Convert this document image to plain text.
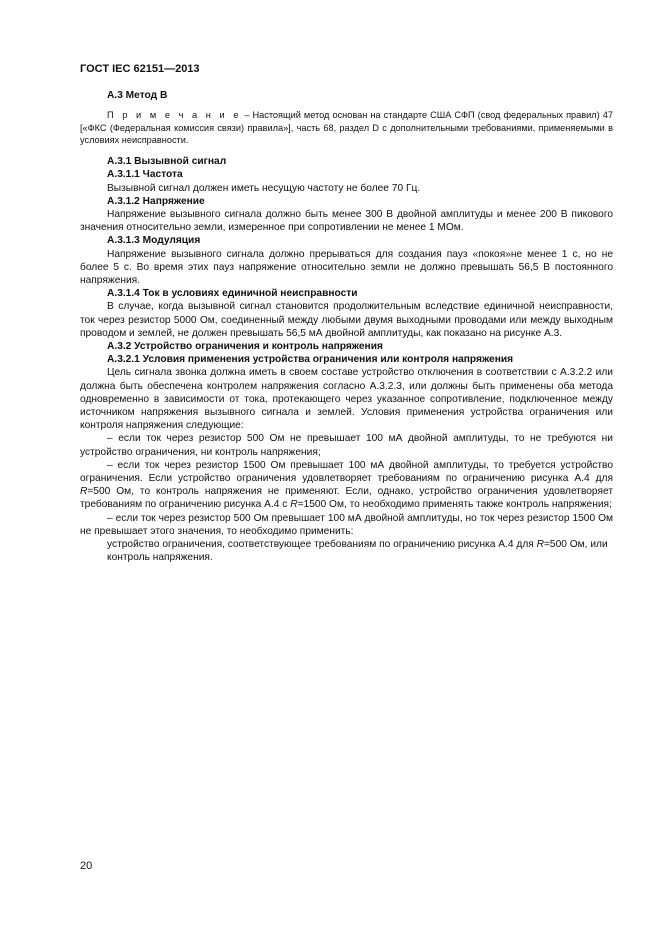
ГОСТ IEC 62151—2013

А.3 Метод В

П р и м е ч а н и е – Настоящий метод основан на стандарте США СФП (свод федеральных правил) 47 [«ФКС (Федеральная комиссия связи) правила»], часть 68, раздел D с дополнительными требованиями, применяемыми в условиях неисправности.

А.3.1 Вызывной сигнал

А.3.1.1 Частота

Вызывной сигнал должен иметь несущую частоту не более 70 Гц.

А.3.1.2 Напряжение

Напряжение вызывного сигнала должно быть менее 300 В двойной амплитуды и менее 200 В пикового значения относительно земли, измеренное при сопротивлении не менее 1 МОм.

А.3.1.3 Модуляция

Напряжение вызывного сигнала должно прерываться для создания пауз «покоя»не менее 1 с, но не более 5 с. Во время этих пауз напряжение относительно земли не должно превышать 56,5 В постоянного напряжения.

А.3.1.4 Ток в условиях единичной неисправности

В случае, когда вызывной сигнал становится продолжительным вследствие единичной неисправности, ток через резистор 5000 Ом, соединенный между любыми двумя выходными проводами или между выходным проводом и землей, не должен превышать 56,5 мА двойной амплитуды, как показано на рисунке А.3.

А.3.2 Устройство ограничения и контроль напряжения

А.3.2.1 Условия применения устройства ограничения или контроля напряжения

Цель сигнала звонка должна иметь в своем составе устройство отключения в соответствии с А.3.2.2 или должна быть обеспечена контролем напряжения согласно А.3.2.3, или должны быть применены оба метода одновременно в зависимости от тока, протекающего через указанное сопротивление, подключенное между источником напряжения вызывного сигнала и землей. Условия применения устройства ограничения или контроля напряжения следующие:

– если ток через резистор 500 Ом не превышает 100 мА двойной амплитуды, то не требуются ни устройство ограничения, ни контроль напряжения;

– если ток через резистор 1500 Ом превышает 100 мА двойной амплитуды, то требуется устройство ограничения. Если устройство ограничения удовлетворяет требованиям по ограничению рисунка А.4 для R=500 Ом, то контроль напряжения не применяют. Если, однако, устройство ограничения удовлетворяет требованиям по ограничению рисунка А.4 с R=1500 Ом, то необходимо применять также контроль напряжения;

– если ток через резистор 500 Ом превышает 100 мА двойной амплитуды, но ток через резистор 1500 Ом не превышает этого значения, то необходимо применить:

устройство ограничения, соответствующее требованиям по ограничению рисунка А.4 для R=500 Ом, или

контроль напряжения.

20
